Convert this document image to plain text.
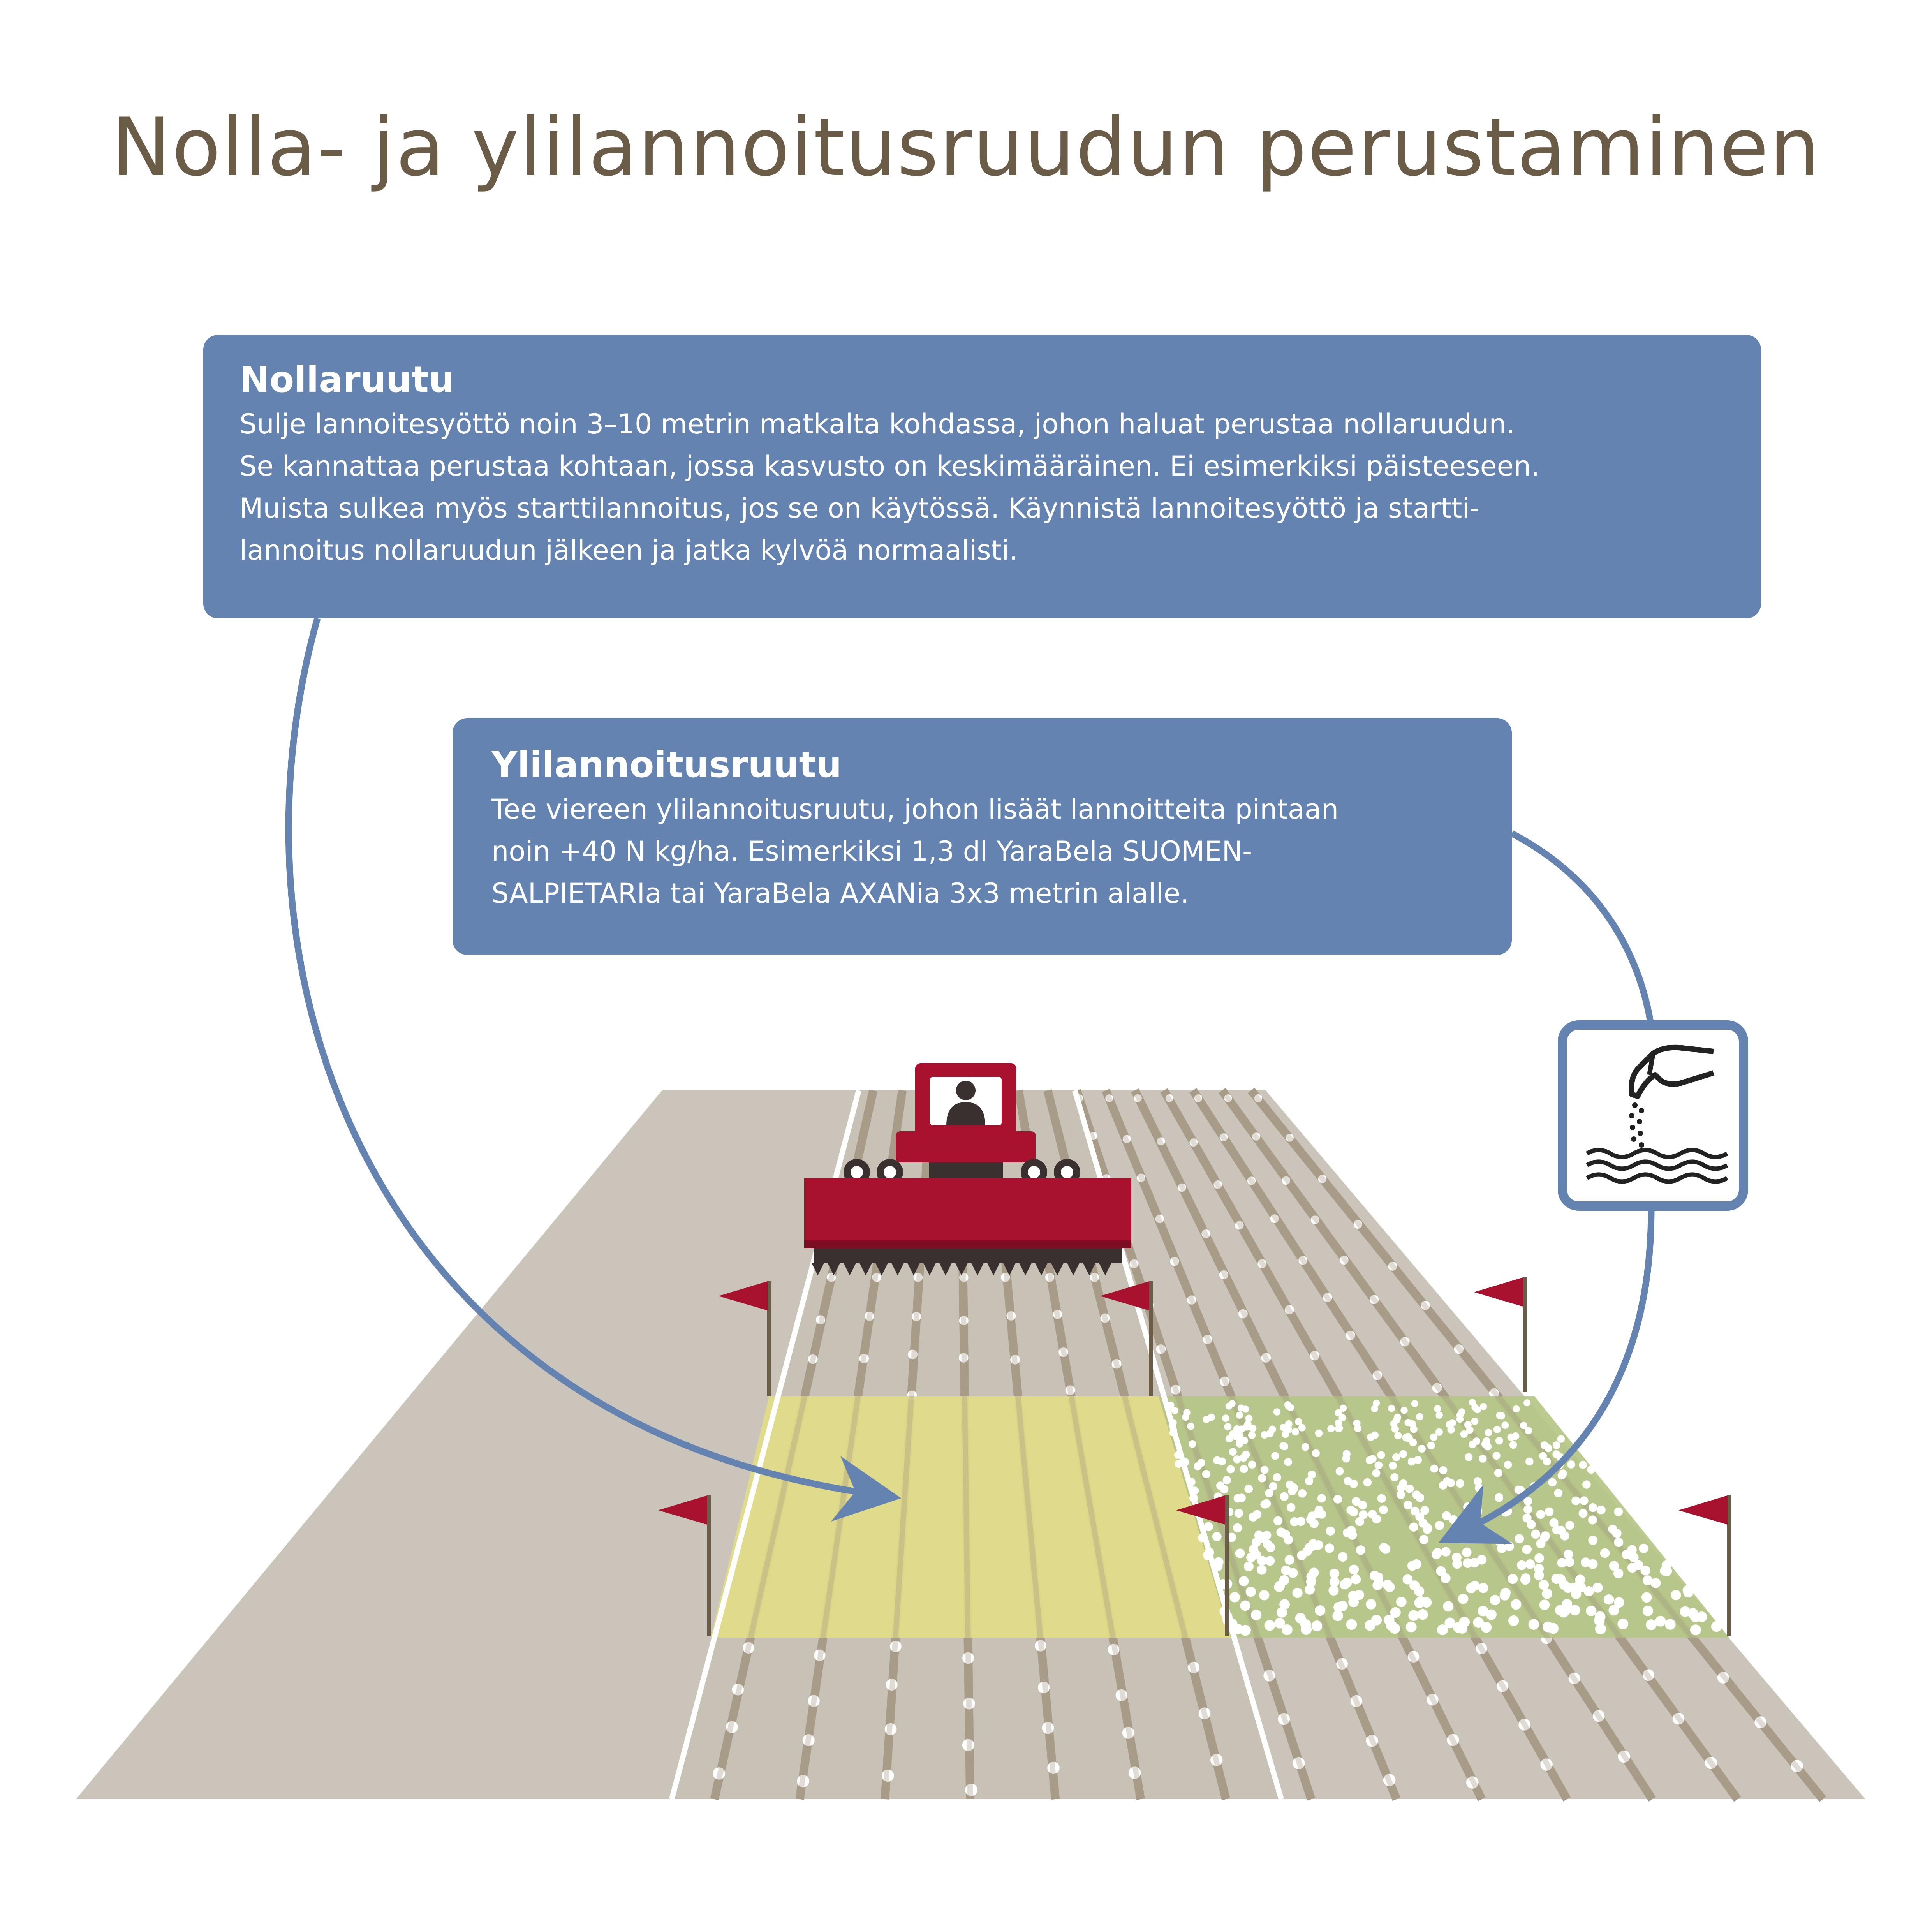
Nolla- ja ylilannoitusruudun perustaminen
Nollaruutu
Sulje lannoitesyöttö noin 3–10 metrin matkalta kohdassa, johon haluat perustaa nollaruudun.
Se kannattaa perustaa kohtaan, jossa kasvusto on keskimääräinen. Ei esimerkiksi päisteeseen.
Muista sulkea myös starttilannoitus, jos se on käytössä. Käynnistä lannoitesyöttö ja startti-
lannoitus nollaruudun jälkeen ja jatka kylvöä normaalisti.
Ylilannoitusruutu
Tee viereen ylilannoitusruutu, johon lisäät lannoitteita pintaan
noin +40 N kg/ha. Esimerkiksi 1,3 dl YaraBela SUOMEN-
SALPIETARIa tai YaraBela AXANia 3x3 metrin alalle.
